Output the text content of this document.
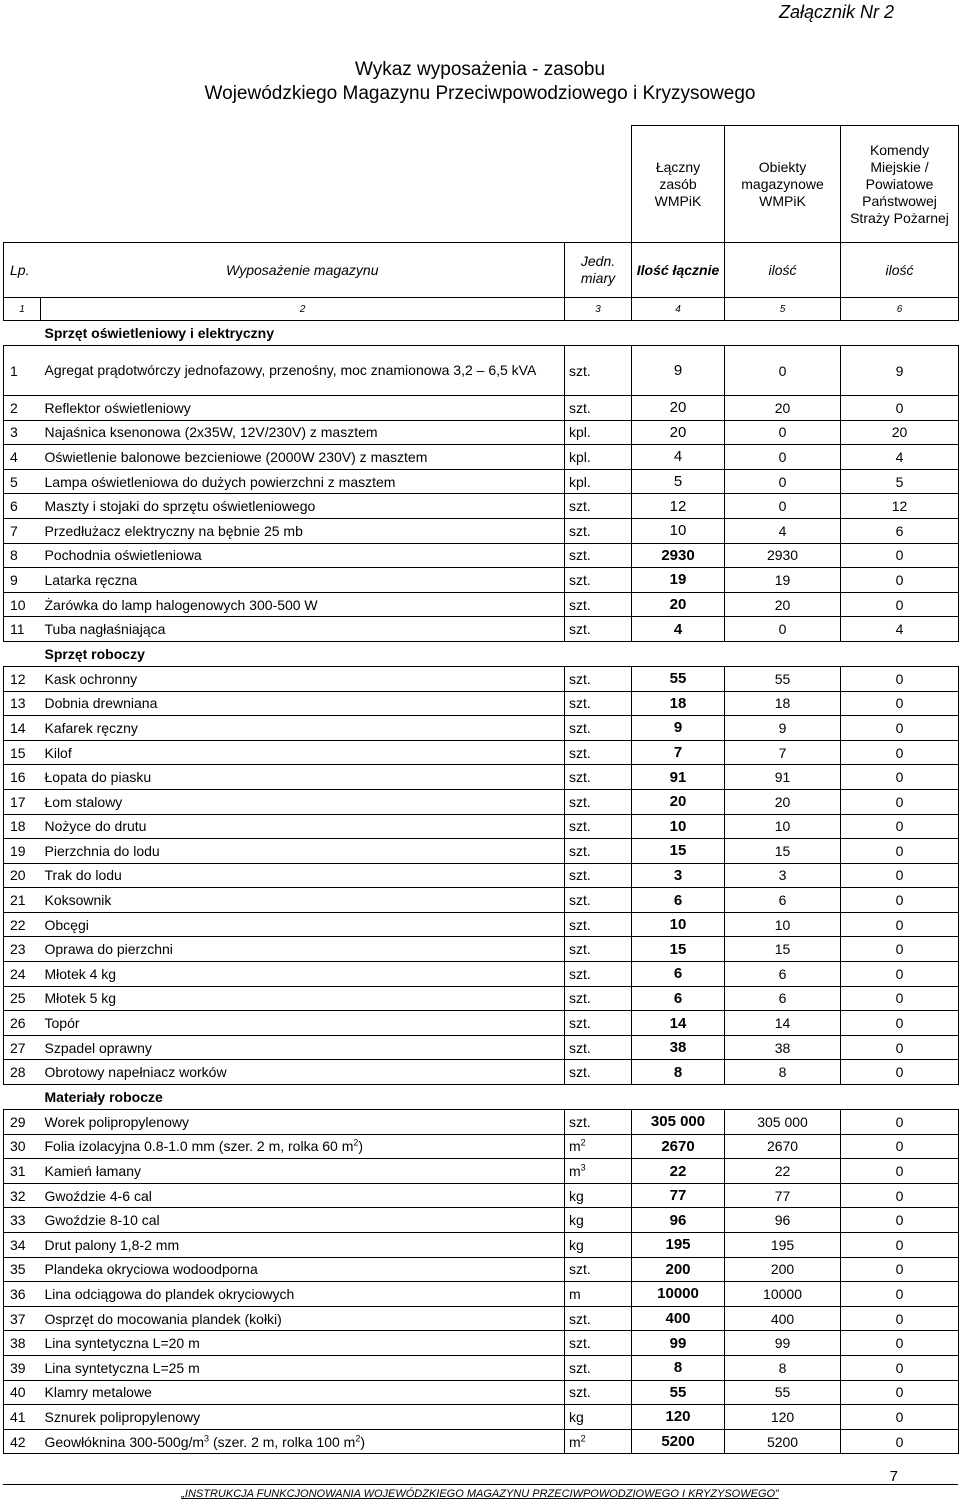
Załącznik Nr 2
Wykaz wyposażenia - zasobu
Wojewódzkiego Magazynu Przeciwpowodziowego i Kryzysowego
			Łączny zasób WMPiK	Obiekty magazynowe WMPiK	Komendy Miejskie / Powiatowe Państwowej Straży Pożarnej
Lp.	Wyposażenie magazynu	Jedn. miary	Ilość łącznie	ilość	ilość
1	2	3	4	5	6
	Sprzęt oświetleniowy i elektryczny				
1	Agregat prądotwórczy jednofazowy, przenośny, moc znamionowa 3,2 – 6,5 kVA	szt.	9	0	9
2	Reflektor oświetleniowy	szt.	20	20	0
3	Najaśnica ksenonowa (2x35W, 12V/230V) z masztem	kpl.	20	0	20
4	Oświetlenie balonowe bezcieniowe (2000W 230V) z masztem	kpl.	4	0	4
5	Lampa oświetleniowa do dużych powierzchni z masztem	kpl.	5	0	5
6	Maszty i stojaki do sprzętu oświetleniowego	szt.	12	0	12
7	Przedłużacz elektryczny na bębnie 25 mb	szt.	10	4	6
8	Pochodnia oświetleniowa	szt.	2930	2930	0
9	Latarka ręczna	szt.	19	19	0
10	Żarówka do lamp halogenowych 300-500 W	szt.	20	20	0
11	Tuba nagłaśniająca	szt.	4	0	4
	Sprzęt roboczy				
12	Kask ochronny	szt.	55	55	0
13	Dobnia drewniana	szt.	18	18	0
14	Kafarek ręczny	szt.	9	9	0
15	Kilof	szt.	7	7	0
16	Łopata do piasku	szt.	91	91	0
17	Łom stalowy	szt.	20	20	0
18	Nożyce do drutu	szt.	10	10	0
19	Pierzchnia do lodu	szt.	15	15	0
20	Trak do lodu	szt.	3	3	0
21	Koksownik	szt.	6	6	0
22	Obcęgi	szt.	10	10	0
23	Oprawa do pierzchni	szt.	15	15	0
24	Młotek 4 kg	szt.	6	6	0
25	Młotek 5 kg	szt.	6	6	0
26	Topór	szt.	14	14	0
27	Szpadel oprawny	szt.	38	38	0
28	Obrotowy napełniacz worków	szt.	8	8	0
	Materiały robocze				
29	Worek polipropylenowy	szt.	305 000	305 000	0
30	Folia izolacyjna 0.8-1.0 mm (szer. 2 m, rolka 60 $m^2$)	$m^2$	2670	2670	0
31	Kamień łamany	$m^3$	22	22	0
32	Gwoździe 4-6 cal	kg	77	77	0
33	Gwoździe 8-10 cal	kg	96	96	0
34	Drut palony 1,8-2 mm	kg	195	195	0
35	Plandeka okryciowa wodoodporna	szt.	200	200	0
36	Lina odciągowa do plandek okryciowych	m	10000	10000	0
37	Osprzęt do mocowania plandek (kołki)	szt.	400	400	0
38	Lina syntetyczna L=20 m	szt.	99	99	0
39	Lina syntetyczna L=25 m	szt.	8	8	0
40	Klamry metalowe	szt.	55	55	0
41	Sznurek polipropylenowy	kg	120	120	0
42	Geowłóknina $300-500g/m^3$ (szer. 2 m, rolka 100 $m^2$)	$m^2$	5200	5200	0
7
„INSTRUKCJA FUNKCJONOWANIA WOJEWÓDZKIEGO MAGAZYNU PRZECIWPOWODZIOWEGO I KRYZYSOWEGO”
